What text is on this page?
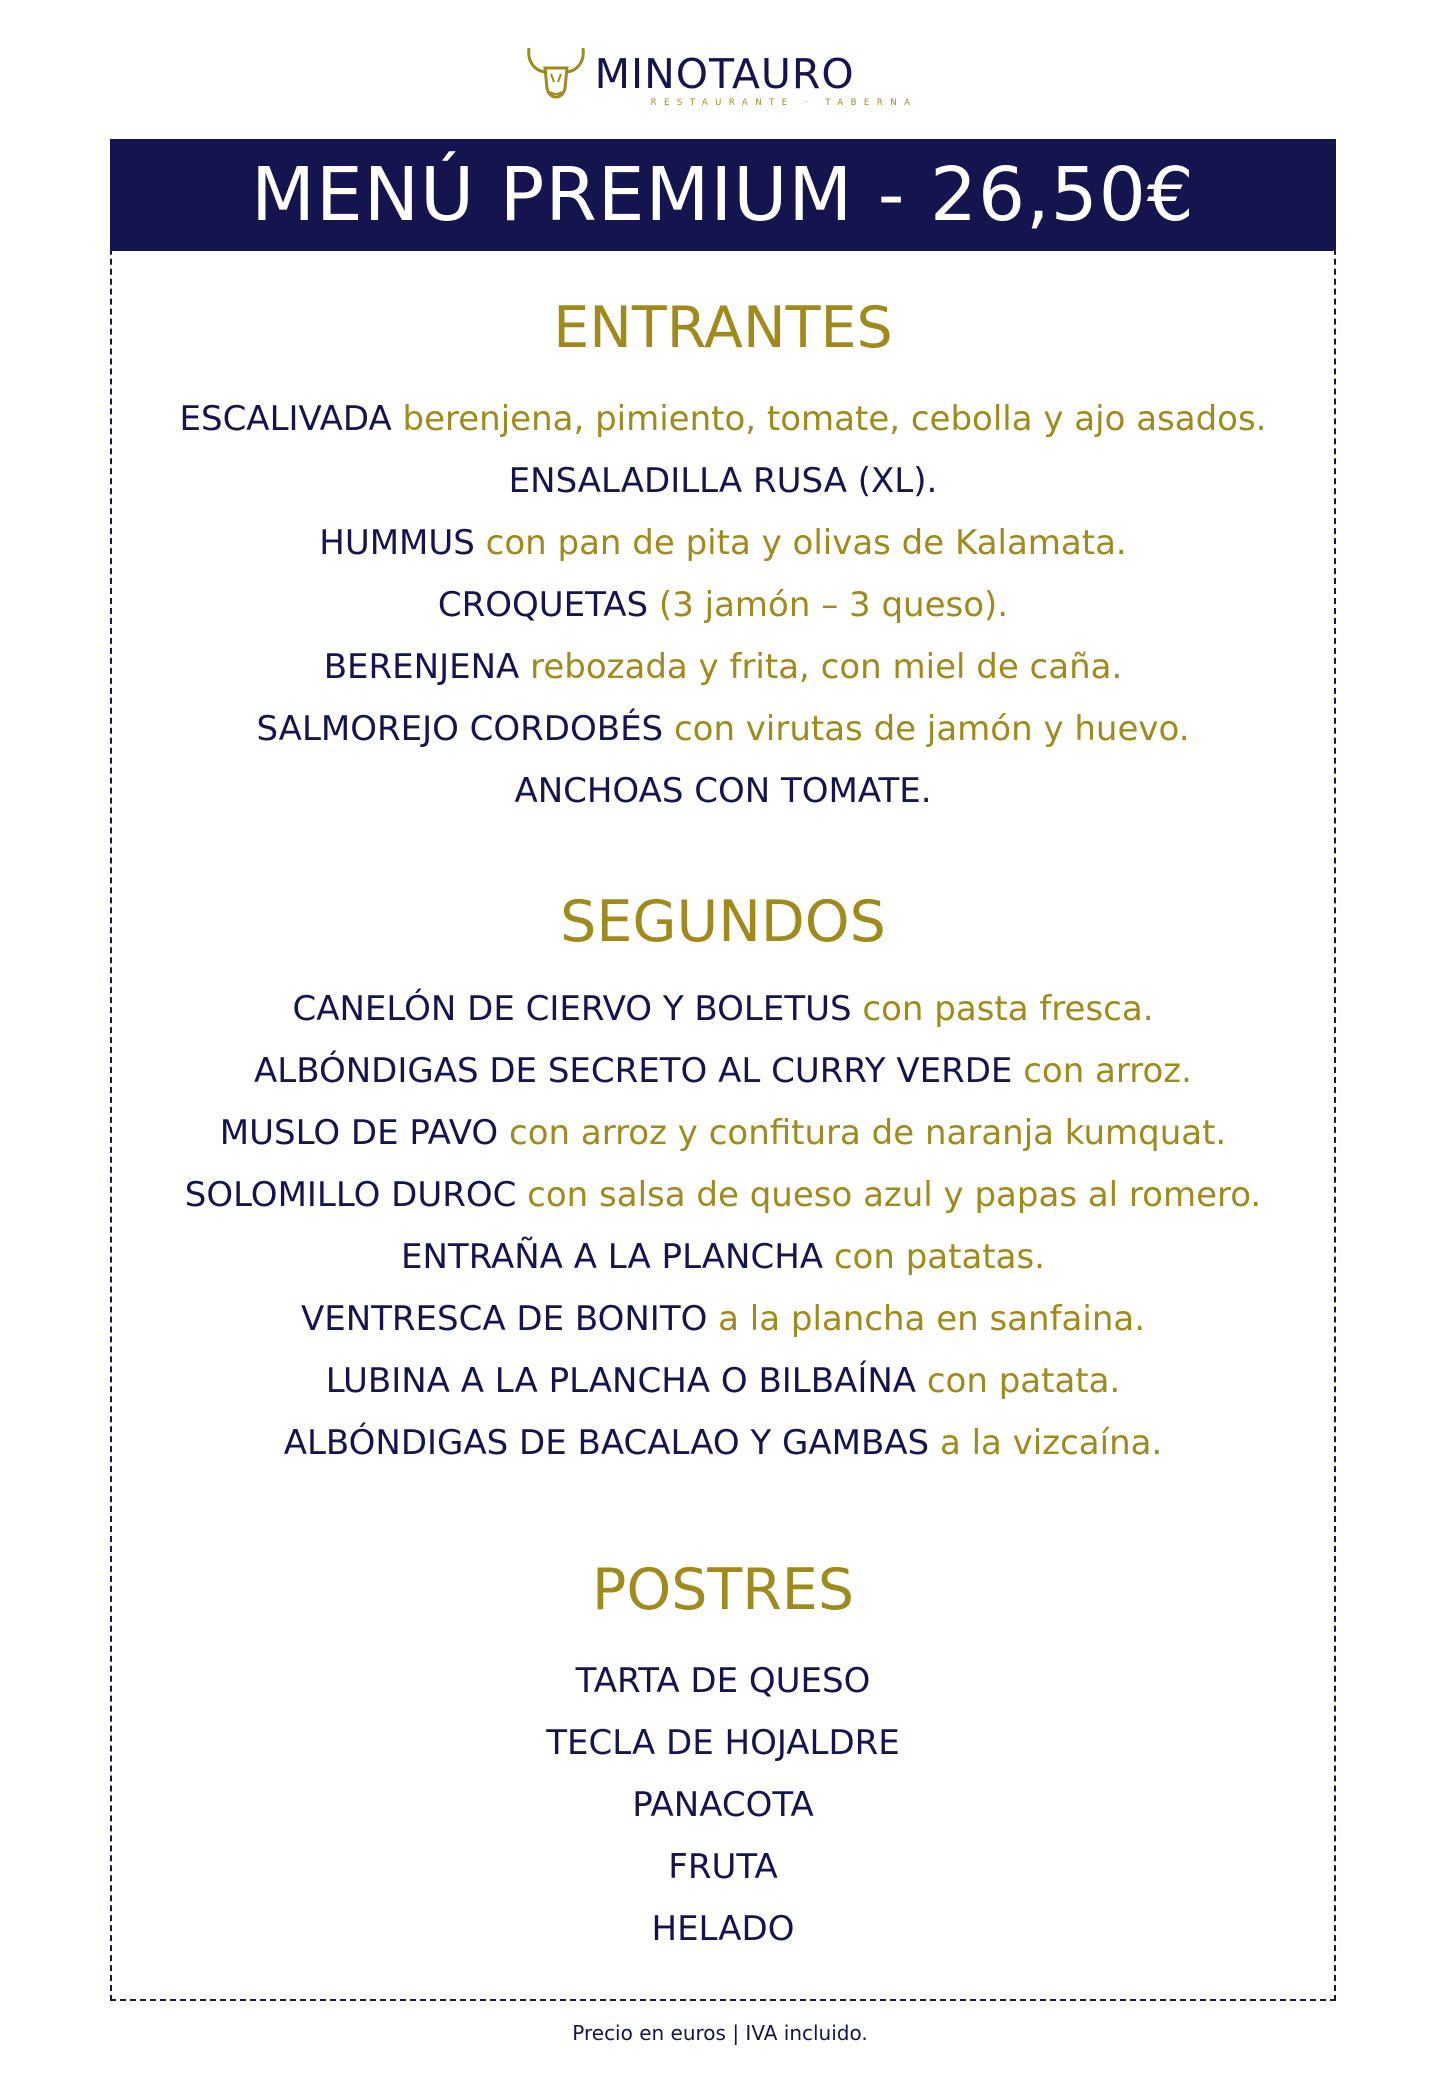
MINOTAURO
RESTAURANTE · TABERNA
MENÚ PREMIUM - 26,50€
ENTRANTES
ESCALIVADA berenjena, pimiento, tomate, cebolla y ajo asados.
ENSALADILLA RUSA (XL).
HUMMUS con pan de pita y olivas de Kalamata.
CROQUETAS (3 jamón – 3 queso).
BERENJENA rebozada y frita, con miel de caña.
SALMOREJO CORDOBÉS con virutas de jamón y huevo.
ANCHOAS CON TOMATE.
SEGUNDOS
CANELÓN DE CIERVO Y BOLETUS con pasta fresca.
ALBÓNDIGAS DE SECRETO AL CURRY VERDE con arroz.
MUSLO DE PAVO con arroz y confitura de naranja kumquat.
SOLOMILLO DUROC con salsa de queso azul y papas al romero.
ENTRAÑA A LA PLANCHA con patatas.
VENTRESCA DE BONITO a la plancha en sanfaina.
LUBINA A LA PLANCHA O BILBAÍNA con patata.
ALBÓNDIGAS DE BACALAO Y GAMBAS a la vizcaína.
POSTRES
TARTA DE QUESO
TECLA DE HOJALDRE
PANACOTA
FRUTA
HELADO
Precio en euros | IVA incluido.
